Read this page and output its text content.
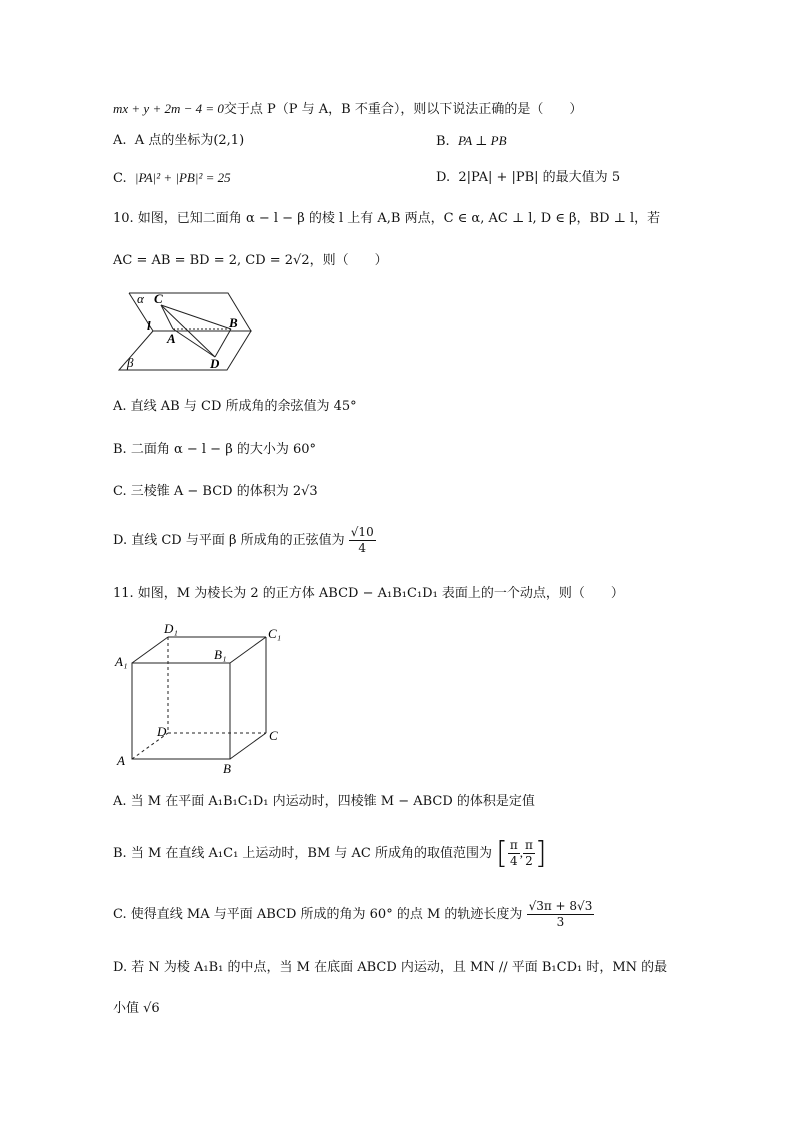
mx + y + 2m − 4 = 0交于点 P（P 与 A，B 不重合），则以下说法正确的是（　　）
A. A 点的坐标为(2,1)	B. PA ⊥ PB
C. |PA|² + |PB|² = 25	D. 2|PA| + |PB| 的最大值为 5
10. 如图，已知二面角 α − l − β 的棱 l 上有 A,B 两点，C ∈ α, AC ⊥ l, D ∈ β，BD ⊥ l，若
AC = AB = BD = 2, CD = 2√2，则（　　）
α C
l
A
B
D
β
A. 直线 AB 与 CD 所成角的余弦值为 45°
B. 二面角 α − l − β 的大小为 60°
C. 三棱锥 A − BCD 的体积为 2√3
D. 直线 CD 与平面 β 所成角的正弦值为 $\frac{√10}{4}$
11. 如图，M 为棱长为 2 的正方体 ABCD − A₁B₁C₁D₁ 表面上的一个动点，则（　　）
D₁	C₁
A₁	B₁
D	C
A
B
A. 当 M 在平面 A₁B₁C₁D₁ 内运动时，四棱锥 M − ABCD 的体积是定值
B. 当 M 在直线 A₁C₁ 上运动时，BM 与 AC 所成角的取值范围为 [ $\frac{\pi}{4}$ , $\frac{\pi}{2}$ ]
C. 使得直线 MA 与平面 ABCD 所成的角为 60° 的点 M 的轨迹长度为 $\frac{√3\pi + 8√3}{3}$
D. 若 N 为棱 A₁B₁ 的中点，当 M 在底面 ABCD 内运动，且 MN // 平面 B₁CD₁ 时，MN 的最
小值 √6
